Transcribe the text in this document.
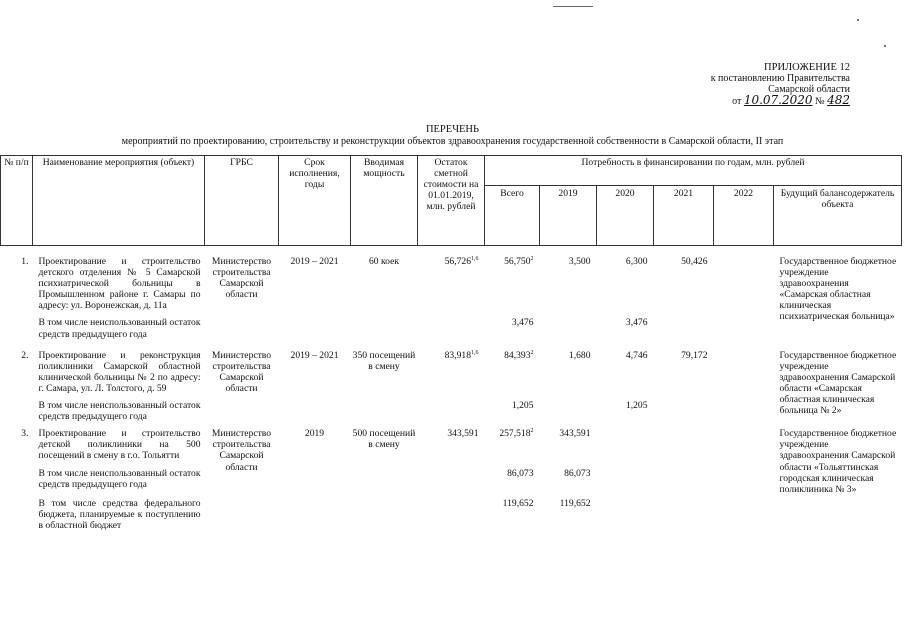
ПРИЛОЖЕНИЕ 12
к постановлению Правительства
Самарской области
от 10.07.2020 № 482
ПЕРЕЧЕНЬ
мероприятий по проектированию, строительству и реконструкции объектов здравоохранения государственной собственности в Самарской области, II этап
№ п/п	Наименование мероприятия (объект)	ГРБС	Срок исполнения, годы	Вводимая мощность	Остаток сметной стоимости на 01.01.2019, млн. рублей	Потребность в финансировании по годам, млн. рублей					
						Всего	2019	2020	2021	2022	Будущий балансодержатель объекта

1.	Проектирование и строительство детского отделения № 5 Самарской психиатрической больницы в Промышленном районе г. Самары по адресу: ул. Воронежская, д. 11а	Министерство строительства Самарской области	2019 – 2021	60 коек	56,726$^{1,6}$	56,750$^2$	3,500	6,300	50,426		Государственное бюджетное учреждение здравоохранения «Самарская областная клиническая психиатрическая больница»
	В том числе неиспользованный остаток средств предыдущего года					3,476		3,476			

2.	Проектирование и реконструкция поликлиники Самарской областной клинической больницы № 2 по адресу: г. Самара, ул. Л. Толстого, д. 59	Министерство строительства Самарской области	2019 – 2021	350 посещений в смену	83,918$^{1,6}$	84,393$^2$	1,680	4,746	79,172		Государственное бюджетное учреждение здравоохранения Самарской области «Самарская областная клиническая больница № 2»
	В том числе неиспользованный остаток средств предыдущего года					1,205		1,205			

3.	Проектирование и строительство детской поликлиники на 500 посещений в смену в г.о. Тольятти	Министерство строительства Самарской области	2019	500 посещений в смену	343,591	257,518$^2$	343,591				Государственное бюджетное учреждение здравоохранения Самарской области «Тольяттинская городская клиническая поликлиника № 3»
	В том числе неиспользованный остаток средств предыдущего года					86,073	86,073				
	В том числе средства федерального бюджета, планируемые к поступлению в областной бюджет					119,652	119,652				
